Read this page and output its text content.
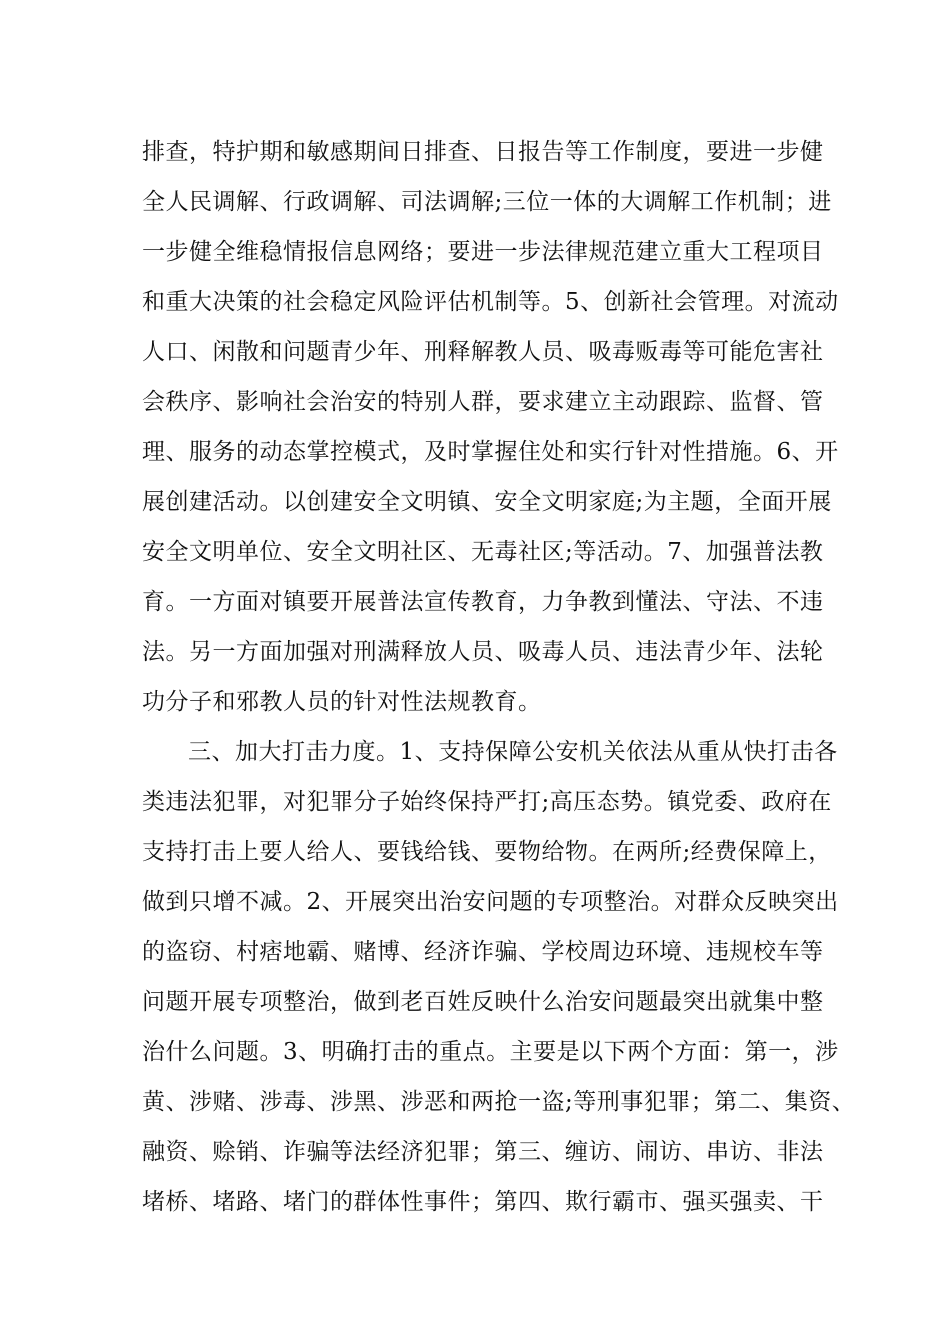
排查，特护期和敏感期间日排查、日报告等工作制度，要进一步健
全人民调解、行政调解、司法调解;三位一体的大调解工作机制；进
一步健全维稳情报信息网络；要进一步法律规范建立重大工程项目
和重大决策的社会稳定风险评估机制等。5、创新社会管理。对流动
人口、闲散和问题青少年、刑释解教人员、吸毒贩毒等可能危害社
会秩序、影响社会治安的特别人群，要求建立主动跟踪、监督、管
理、服务的动态掌控模式，及时掌握住处和实行针对性措施。6、开
展创建活动。以创建安全文明镇、安全文明家庭;为主题，全面开展
安全文明单位、安全文明社区、无毒社区;等活动。7、加强普法教
育。一方面对镇要开展普法宣传教育，力争教到懂法、守法、不违
法。另一方面加强对刑满释放人员、吸毒人员、违法青少年、法轮
功分子和邪教人员的针对性法规教育。
三、加大打击力度。1、支持保障公安机关依法从重从快打击各
类违法犯罪，对犯罪分子始终保持严打;高压态势。镇党委、政府在
支持打击上要人给人、要钱给钱、要物给物。在两所;经费保障上，
做到只增不减。2、开展突出治安问题的专项整治。对群众反映突出
的盗窃、村痞地霸、赌博、经济诈骗、学校周边环境、违规校车等
问题开展专项整治，做到老百姓反映什么治安问题最突出就集中整
治什么问题。3、明确打击的重点。主要是以下两个方面：第一，涉
黄、涉赌、涉毒、涉黑、涉恶和两抢一盗;等刑事犯罪；第二、集资、
融资、赊销、诈骗等法经济犯罪；第三、缠访、闹访、串访、非法
堵桥、堵路、堵门的群体性事件；第四、欺行霸市、强买强卖、干
